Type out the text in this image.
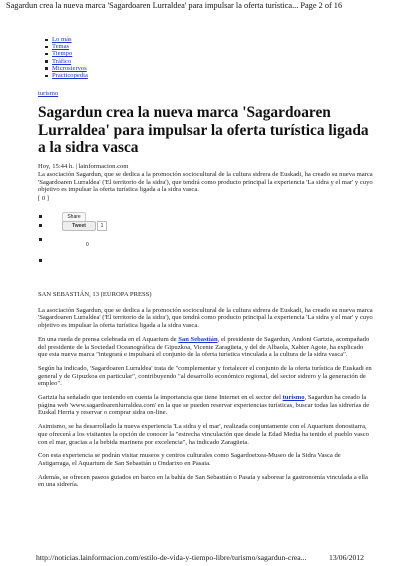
Sagardun crea la nueva marca 'Sagardoaren Lurraldea' para impulsar la oferta turística... Page 2 of 16
Lo más
Temas
Tiempo
Tráfico
Microsiervos
Practicopedia
turismo
Sagardun crea la nueva marca 'Sagardoaren Lurraldea' para impulsar la oferta turística ligada a la sidra vasca
Hoy, 15:44 h. | lainformacion.com

La asociación Sagardun, que se dedica a la promoción sociocultural de la cultura sidrera de Euskadi, ha creado su nueva marca 'Sagardoaren Lurraldea' ('El territorio de la sidra'), que tendrá como producto principal la experiencia 'La sidra y el mar' y cuyo objetivo es impulsar la oferta turística ligada a la sidra vasca.

[ 0 ]
Share
Tweet	1
0

SAN SEBASTIÁN, 13 (EUROPA PRESS)

La asociación Sagardun, que se dedica a la promoción sociocultural de la cultura sidrera de Euskadi, ha creado su nueva marca 'Sagardoaren Lurraldea' ('El territorio de la sidra'), que tendrá como producto principal la experiencia 'La sidra y el mar' y cuyo objetivo es impulsar la oferta turística ligada a la sidra vasca.

En una rueda de prensa celebrada en el Aquarium de San Sebastián, el presidente de Sagardun, Andoni Gartzia, acompañado del presidente de la Sociedad Oceanográfica de Gipuzkoa, Vicente Zaragüeta, y del de Albaola, Xabier Agote, ha explicado que esta nueva marca "integrará e impulsará el conjunto de la oferta turística vinculada a la cultura de la sidra vasca".

Según ha indicado, 'Sagardoaren Lurraldea' trata de "complementar y fortalecer el conjunto de la oferta turística de Euskadi en general y de Gipuzkoa en particular", contribuyendo "al desarrollo económico regional, del sector sidrero y la generación de empleo".

Gartzia ha señalado que teniendo en cuenta la importancia que tiene Internet en el sector del turismo, Sagardun ha creado la página web 'www.sagardoarenlurraldea.com' en la que se pueden reservar experiencias turísticas, buscar todas las sidrerías de Euskal Herria y reservar o comprar sidra on-line.

Asimismo, se ha desarrollado la nueva experiencia 'La sidra y el mar', realizada conjuntamente con el Aquarium donostiarra, que ofrecerá a los visitantes la opción de conocer la "estrecha vinculación que desde la Edad Media ha tenido el pueblo vasco con el mar, gracias a la bebida marinera por excelencia", ha indicado Zaragüeta.

Con esta experiencia se podrán visitar museos y centros culturales como Sagardoetxea-Museo de la Sidra Vasca de Astigarraga, el Aquarium de San Sebastián u Ondarixo en Pasaia.

Además, se ofrecen paseos guiados en barco en la bahía de San Sebastián o Pasaia y saborear la gastronomía vinculada a ella en una sidrería.

http://noticias.lainformacion.com/estilo-de-vida-y-tiempo-libre/turismo/sagardun-crea...	13/06/2012
